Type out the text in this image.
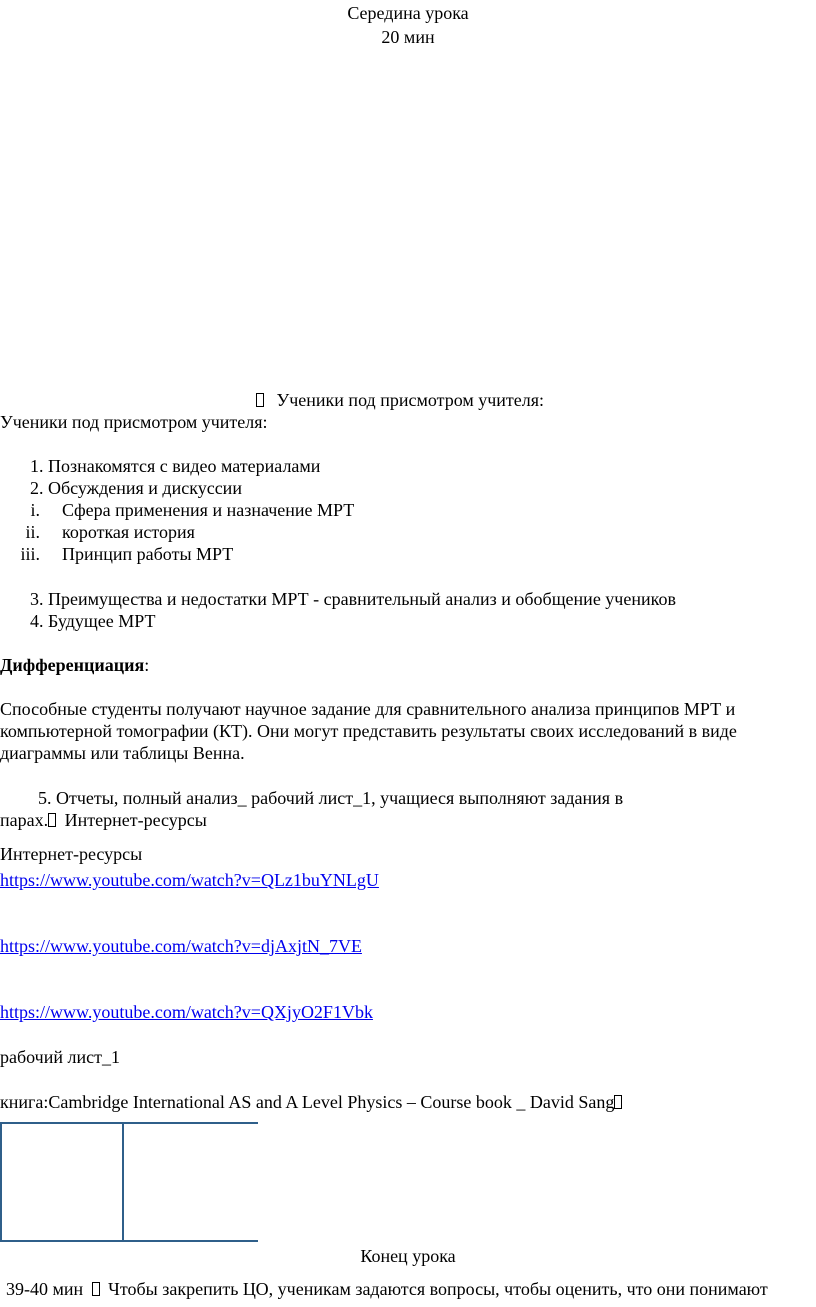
Середина урока
20 мин
Ученики под присмотром учителя:
Ученики под присмотром учителя:
1. Познакомятся с видео материалами
2. Обсуждения и дискуссии
i. Сфера применения и назначение МРТ
ii. короткая история
iii. Принцип работы МРТ
3. Преимущества и недостатки МРТ - сравнительный анализ и обобщение учеников
4. Будущее МРТ
Дифференциация:
Способные студенты получают научное задание для сравнительного анализа принципов МРТ и
компьютерной томографии (КТ). Они могут представить результаты своих исследований в виде
диаграммы или таблицы Венна.
5. Отчеты, полный анализ_ рабочий лист_1, учащиеся выполняют задания в
парах. Интернет-ресурсы
Интернет-ресурсы
https://www.youtube.com/watch?v=QLz1buYNLgU
https://www.youtube.com/watch?v=djAxjtN_7VE
https://www.youtube.com/watch?v=QXjyO2F1Vbk
рабочий лист_1
книга:Cambridge International AS and A Level Physics – Course book _ David Sang
Конец урока
39-40 мин Чтобы закрепить ЦО, ученикам задаются вопросы, чтобы оценить, что они понимают
